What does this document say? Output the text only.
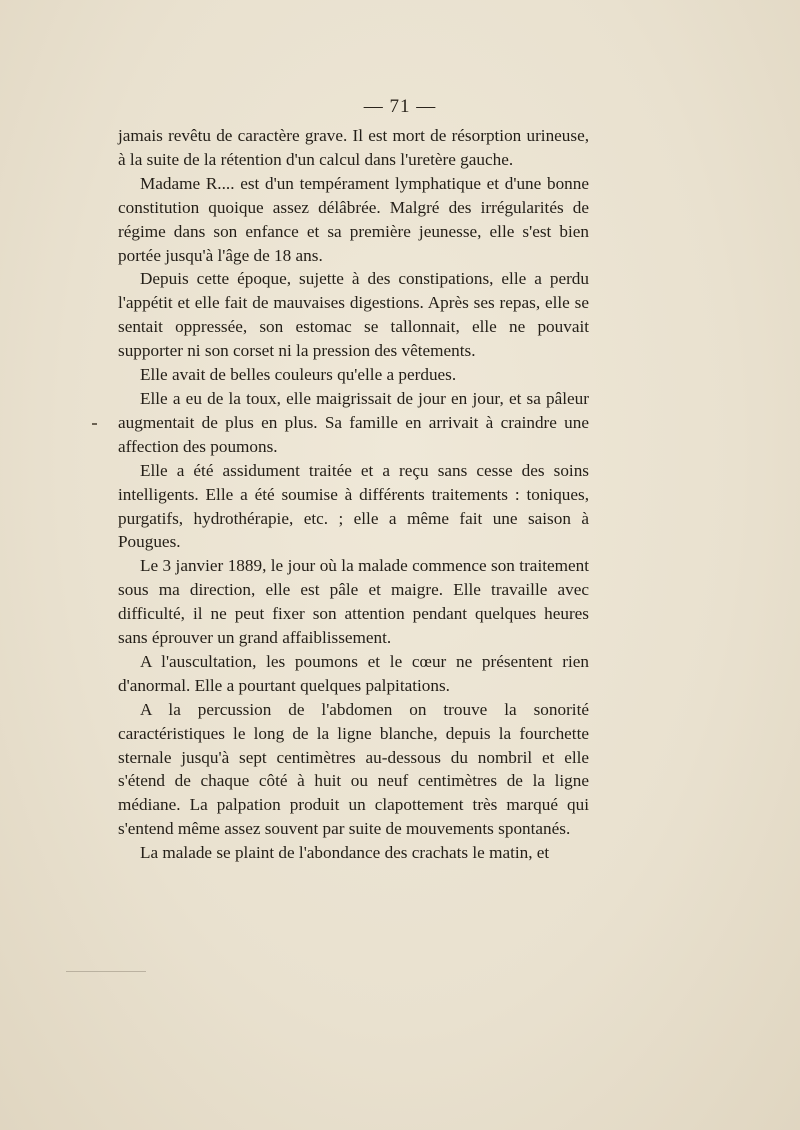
— 71 —

jamais revêtu de caractère grave. Il est mort de résorption urineuse, à la suite de la rétention d'un calcul dans l'uretère gauche.

Madame R.... est d'un tempérament lymphatique et d'une bonne constitution quoique assez délâbrée. Malgré des irrégularités de régime dans son enfance et sa première jeunesse, elle s'est bien portée jusqu'à l'âge de 18 ans.

Depuis cette époque, sujette à des constipations, elle a perdu l'appétit et elle fait de mauvaises digestions. Après ses repas, elle se sentait oppressée, son estomac se tallonnait, elle ne pouvait supporter ni son corset ni la pression des vêtements.

Elle avait de belles couleurs qu'elle a perdues.

Elle a eu de la toux, elle maigrissait de jour en jour, et sa pâleur augmentait de plus en plus. Sa famille en arrivait à craindre une affection des poumons.

Elle a été assidument traitée et a reçu sans cesse des soins intelligents. Elle a été soumise à différents traitements : toniques, purgatifs, hydrothérapie, etc. ; elle a même fait une saison à Pougues.

Le 3 janvier 1889, le jour où la malade commence son traitement sous ma direction, elle est pâle et maigre. Elle travaille avec difficulté, il ne peut fixer son attention pendant quelques heures sans éprouver un grand affaiblissement.

A l'auscultation, les poumons et le cœur ne présentent rien d'anormal. Elle a pourtant quelques palpitations.

A la percussion de l'abdomen on trouve la sonorité caractéristiques le long de la ligne blanche, depuis la fourchette sternale jusqu'à sept centimètres au-dessous du nombril et elle s'étend de chaque côté à huit ou neuf centimètres de la ligne médiane. La palpation produit un clapottement très marqué qui s'entend même assez souvent par suite de mouvements spontanés.

La malade se plaint de l'abondance des crachats le matin, et
